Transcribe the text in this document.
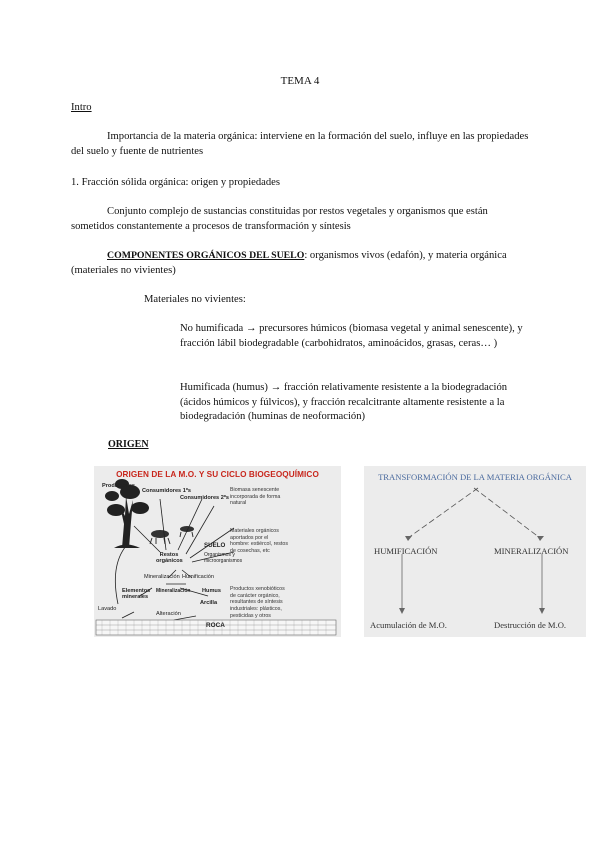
TEMA 4
Intro

Importancia de la materia orgánica: interviene en la formación del suelo, influye en las propiedades del suelo y fuente de nutrientes

1. Fracción sólida orgánica: origen y propiedades

Conjunto complejo de sustancias constituidas por restos vegetales y organismos que están sometidos constantemente a procesos de transformación y síntesis

COMPONENTES ORGÁNICOS DEL SUELO: organismos vivos (edafón), y materia orgánica (materiales no vivientes)

Materiales no vivientes:

No humificada → precursores húmicos (biomasa vegetal y animal senescente), y fracción lábil biodegradable (carbohidratos, aminoácidos, grasas, ceras… )

Humificada (humus) → fracción relativamente resistente a la biodegradación (ácidos húmicos y fúlvicos), y fracción recalcitrante altamente resistente a la biodegradación (huminas de neoformación)

ORIGEN
ORIGEN DE LA M.O. Y SU CICLO BIOGEOQUÍMICO
Productores
Consumidores 1ºs
Consumidores 2ºs
SUELO
Restos orgánicos
Organismos y microorganismos
Mineralización Humificación
Elementos minerales
Mineralización Humus
Arcilla
Lavado
Alteración
ROCA
Biomasa senescente incorporada de forma natural
Materiales orgánicos aportados por el hombre: estiércol, restos de cosechas, etc
Productos xenobióticos de carácter orgánico, resultantes de síntesis industriales: plásticos, pesticidas y otros
TRANSFORMACIÓN DE LA MATERIA ORGÁNICA
HUMIFICACIÓN	MINERALIZACIÓN
Acumulación de M.O.	Destrucción de M.O.
